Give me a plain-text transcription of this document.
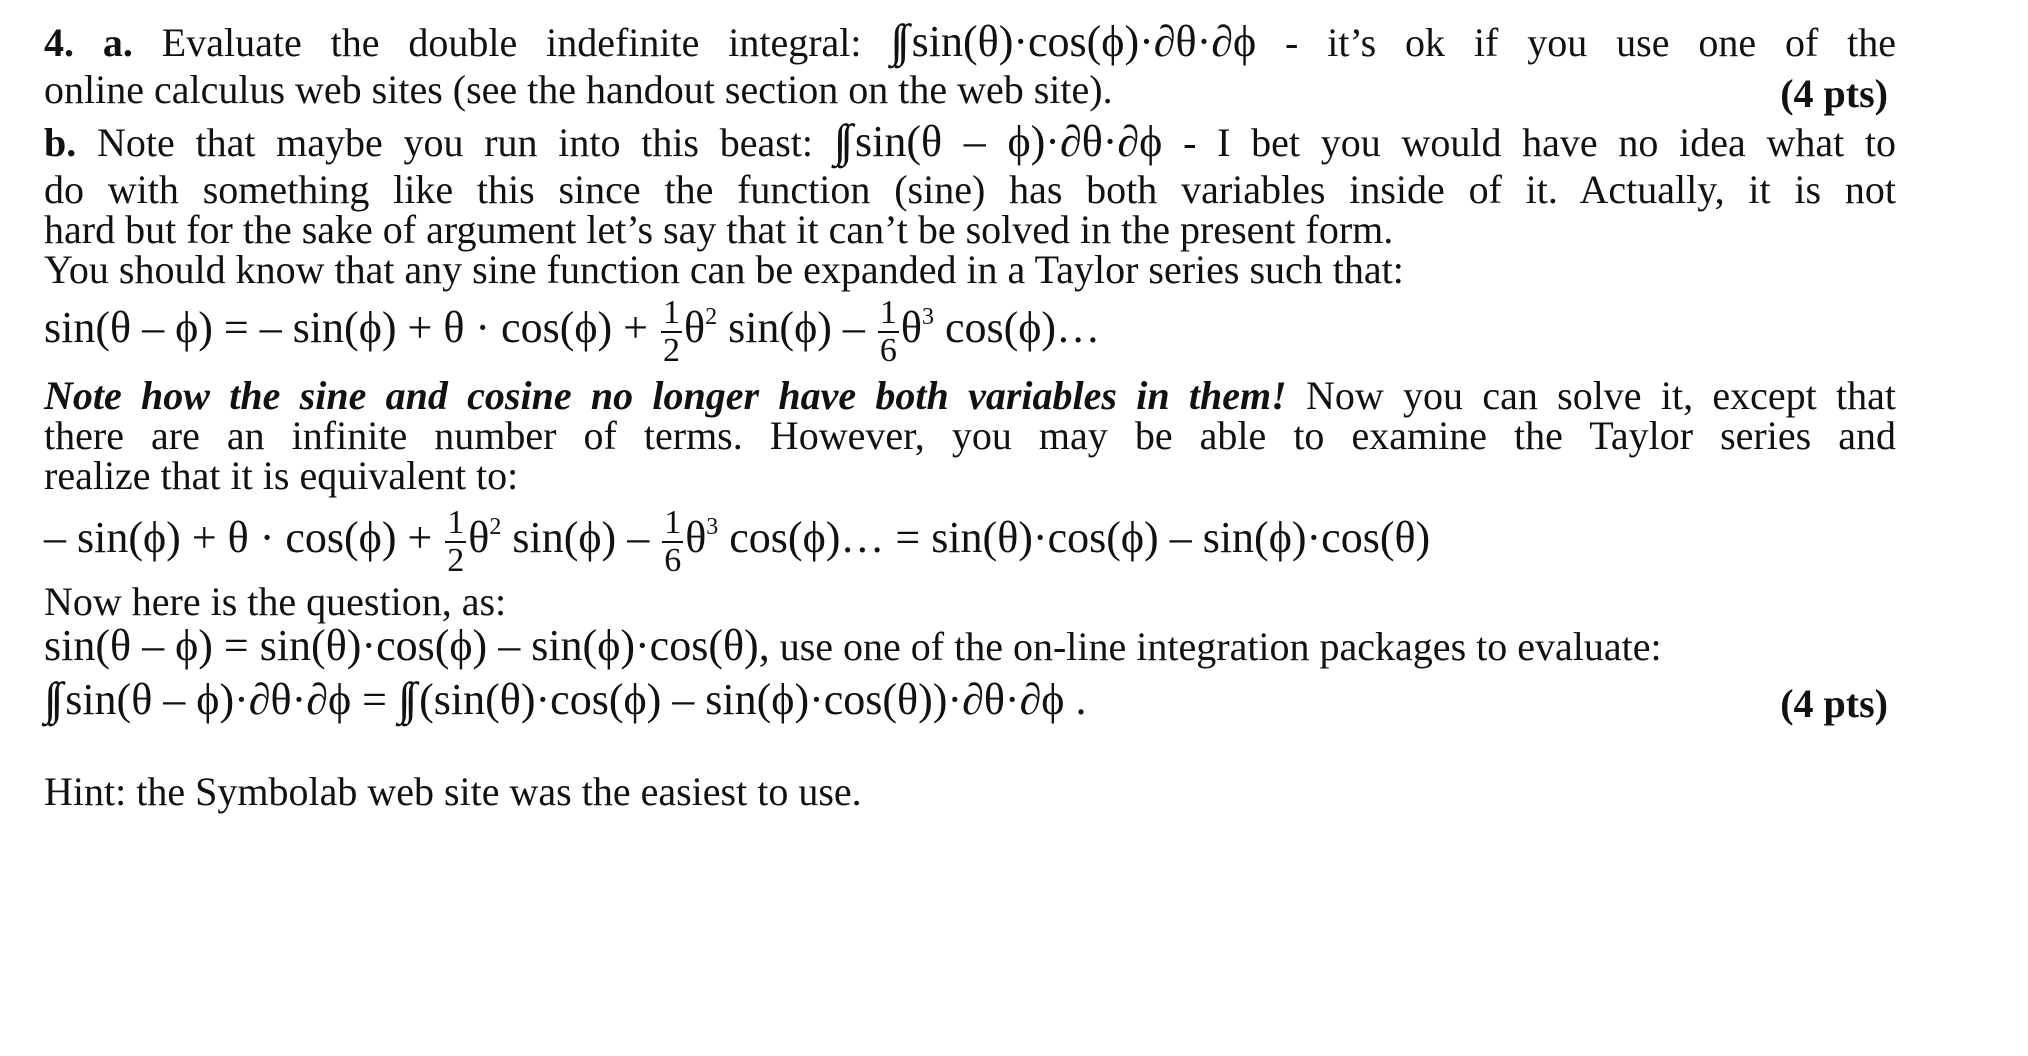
4. a. Evaluate the double indefinite integral: ∫∫ sin(θ)·cos(ϕ)·∂θ·∂ϕ - it’s ok if you use one of the
online calculus web sites (see the handout section on the web site).	(4 pts)
b. Note that maybe you run into this beast: ∫∫ sin(θ – ϕ)·∂θ·∂ϕ - I bet you would have no idea what to
do with something like this since the function (sine) has both variables inside of it. Actually, it is not
hard but for the sake of argument let’s say that it can’t be solved in the present form.
You should know that any sine function can be expanded in a Taylor series such that:
sin(θ – ϕ) = – $\sin(\phi) + \theta \cdot \cos(\phi) + \frac{1}{2} \theta^2$ $\sin(\phi) - \frac{1}{6} \theta^3$ cos(ϕ)…
Note how the sine and cosine no longer have both variables in them! Now you can solve it, except that
there are an infinite number of terms. However, you may be able to examine the Taylor series and
realize that it is equivalent to:
– $\sin(\phi) + \theta \cdot \cos(\phi) + \frac{1}{2} \theta^2$ $\sin(\phi) - \frac{1}{6} \theta^3$ cos(ϕ)… = sin(θ)·cos(ϕ) – sin(ϕ)·cos(θ)
Now here is the question, as:
sin(θ – ϕ) = sin(θ)·cos(ϕ) – sin(ϕ)·cos(θ), use one of the on-line integration packages to evaluate:
∫∫ sin(θ – ϕ)·∂θ·∂ϕ = ∫∫ (sin(θ)·cos(ϕ) – sin(ϕ)·cos(θ))·∂θ·∂ϕ .	(4 pts)
Hint: the Symbolab web site was the easiest to use.
